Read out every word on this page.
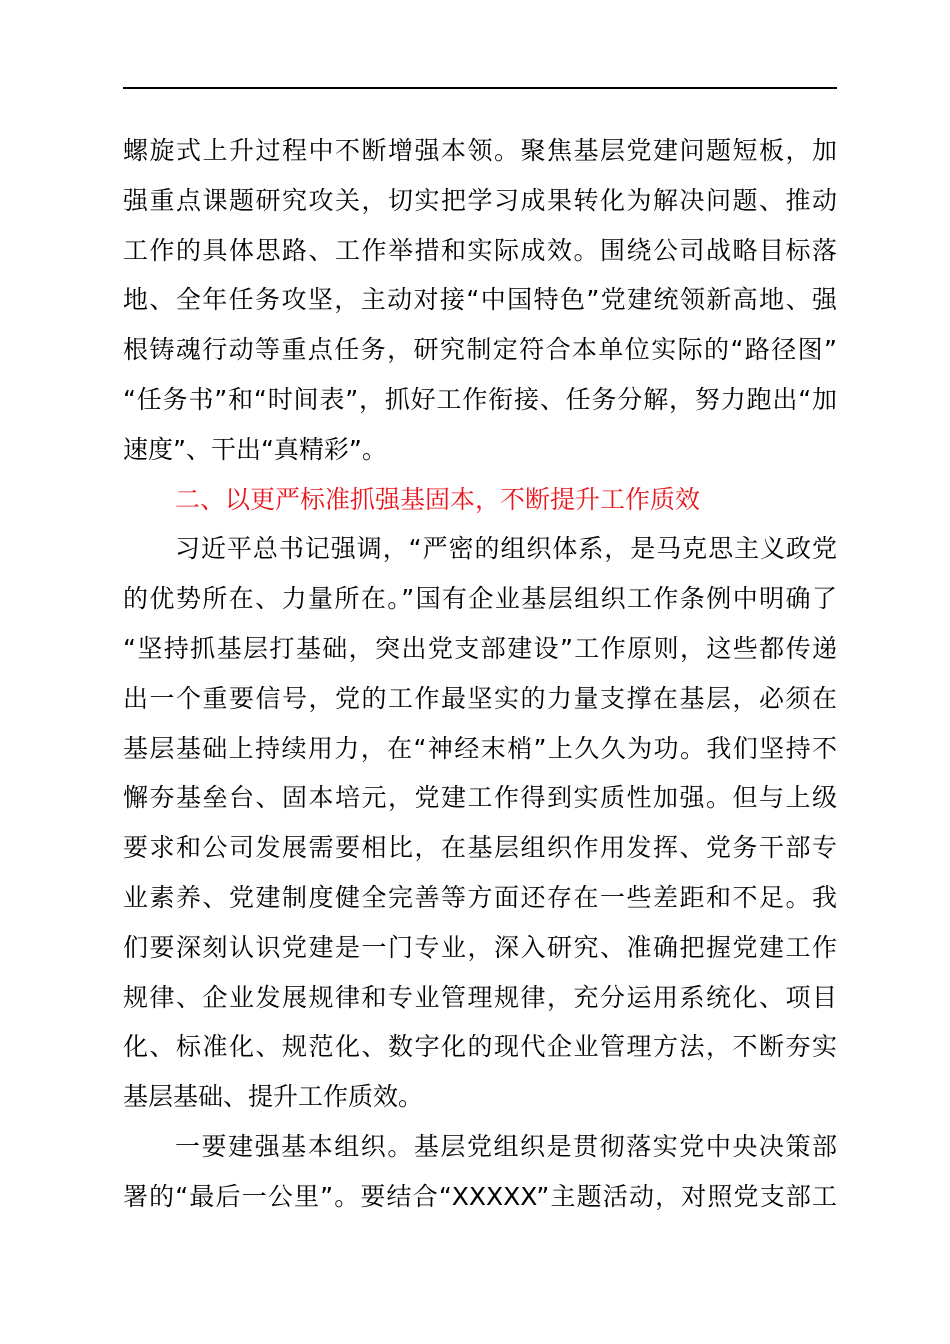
螺旋式上升过程中不断增强本领。聚焦基层党建问题短板，加
强重点课题研究攻关，切实把学习成果转化为解决问题、推动
工作的具体思路、工作举措和实际成效。围绕公司战略目标落
地、全年任务攻坚，主动对接“中国特色”党建统领新高地、强
根铸魂行动等重点任务，研究制定符合本单位实际的“路径图”
“任务书”和“时间表”，抓好工作衔接、任务分解，努力跑出“加
速度”、干出“真精彩”。
二、以更严标准抓强基固本，不断提升工作质效
习近平总书记强调，“严密的组织体系，是马克思主义政党
的优势所在、力量所在。”国有企业基层组织工作条例中明确了
“坚持抓基层打基础，突出党支部建设”工作原则，这些都传递
出一个重要信号，党的工作最坚实的力量支撑在基层，必须在
基层基础上持续用力，在“神经末梢”上久久为功。我们坚持不
懈夯基垒台、固本培元，党建工作得到实质性加强。但与上级
要求和公司发展需要相比，在基层组织作用发挥、党务干部专
业素养、党建制度健全完善等方面还存在一些差距和不足。我
们要深刻认识党建是一门专业，深入研究、准确把握党建工作
规律、企业发展规律和专业管理规律，充分运用系统化、项目
化、标准化、规范化、数字化的现代企业管理方法，不断夯实
基层基础、提升工作质效。
一要建强基本组织。基层党组织是贯彻落实党中央决策部
署的“最后一公里”。要结合“XXXXX”主题活动，对照党支部工
